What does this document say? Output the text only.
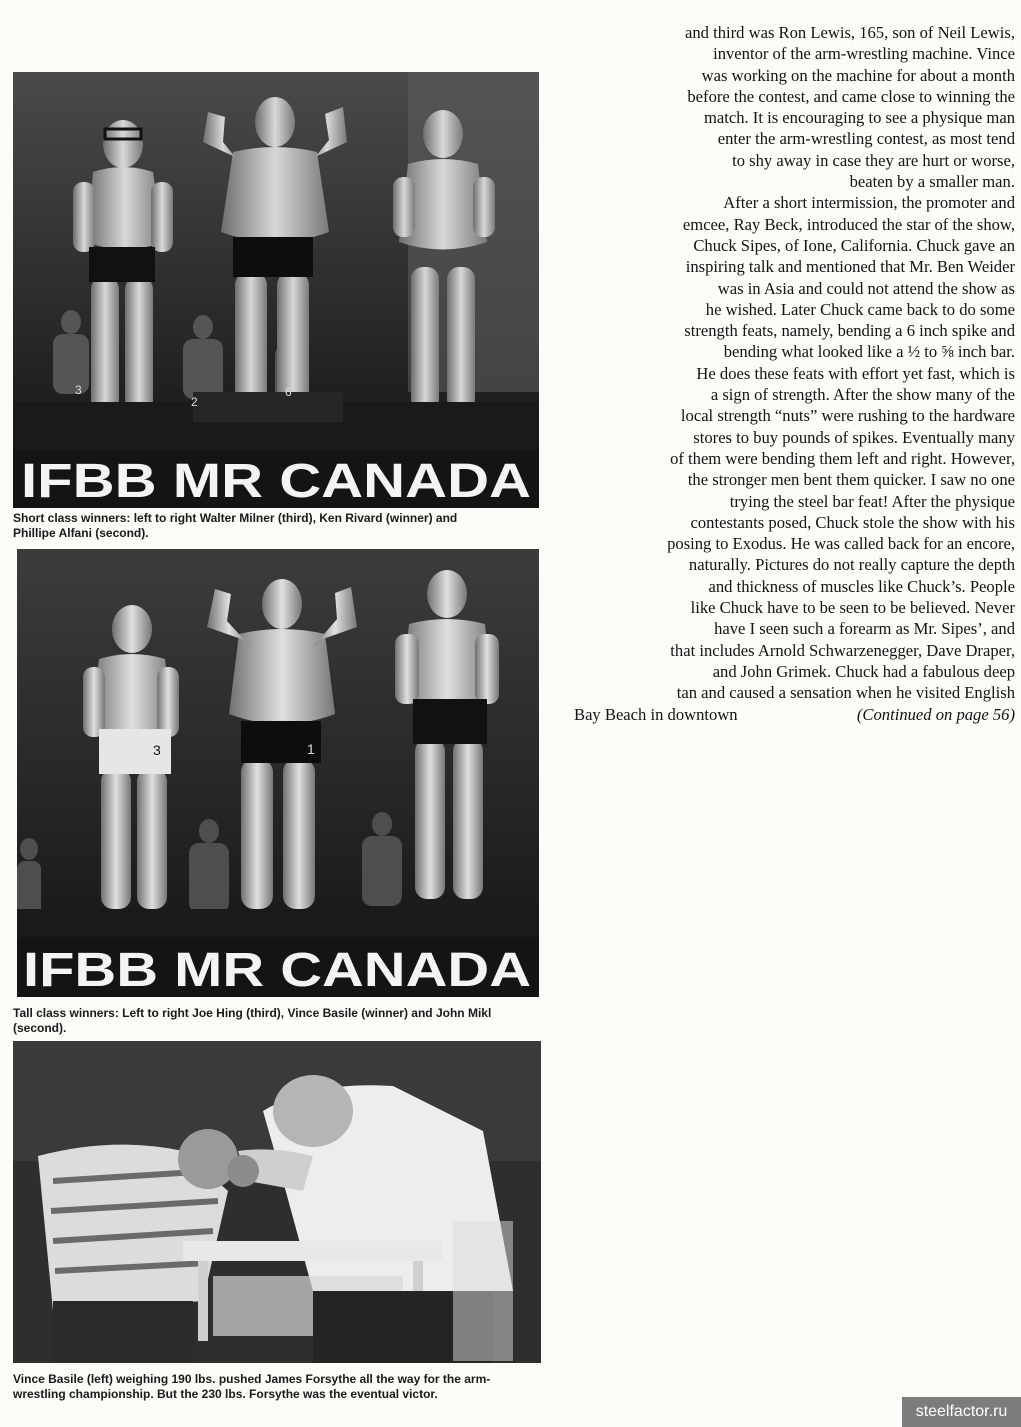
3
2
6
IFBB MR CANADA

Short class winners: left to right Walter Milner (third), Ken Rivard (winner) and
Phillipe Alfani (second).

3	1
IFBB MR CANADA

Tall class winners: Left to right Joe Hing (third), Vince Basile (winner) and John Mikl
(second).

Vince Basile (left) weighing 190 lbs. pushed James Forsythe all the way for the arm-
wrestling championship. But the 230 lbs. Forsythe was the eventual victor.

and third was Ron Lewis, 165, son of Neil Lewis,
inventor of the arm-wrestling machine. Vince
was working on the machine for about a month
before the contest, and came close to winning the
match. It is encouraging to see a physique man
enter the arm-wrestling contest, as most tend
to shy away in case they are hurt or worse,
beaten by a smaller man.
After a short intermission, the promoter and
emcee, Ray Beck, introduced the star of the show,
Chuck Sipes, of Ione, California. Chuck gave an
inspiring talk and mentioned that Mr. Ben Weider
was in Asia and could not attend the show as
he wished. Later Chuck came back to do some
strength feats, namely, bending a 6 inch spike and
bending what looked like a ½ to ⅝ inch bar.
He does these feats with effort yet fast, which is
a sign of strength. After the show many of the
local strength “nuts” were rushing to the hardware
stores to buy pounds of spikes. Eventually many
of them were bending them left and right. However,
the stronger men bent them quicker. I saw no one
trying the steel bar feat! After the physique
contestants posed, Chuck stole the show with his
posing to Exodus. He was called back for an encore,
naturally. Pictures do not really capture the depth
and thickness of muscles like Chuck’s. People
like Chuck have to be seen to be believed. Never
have I seen such a forearm as Mr. Sipes’, and
that includes Arnold Schwarzenegger, Dave Draper,
and John Grimek. Chuck had a fabulous deep
tan and caused a sensation when he visited English
Bay Beach in downtown	(Continued on page 56)
steelfactor.ru
